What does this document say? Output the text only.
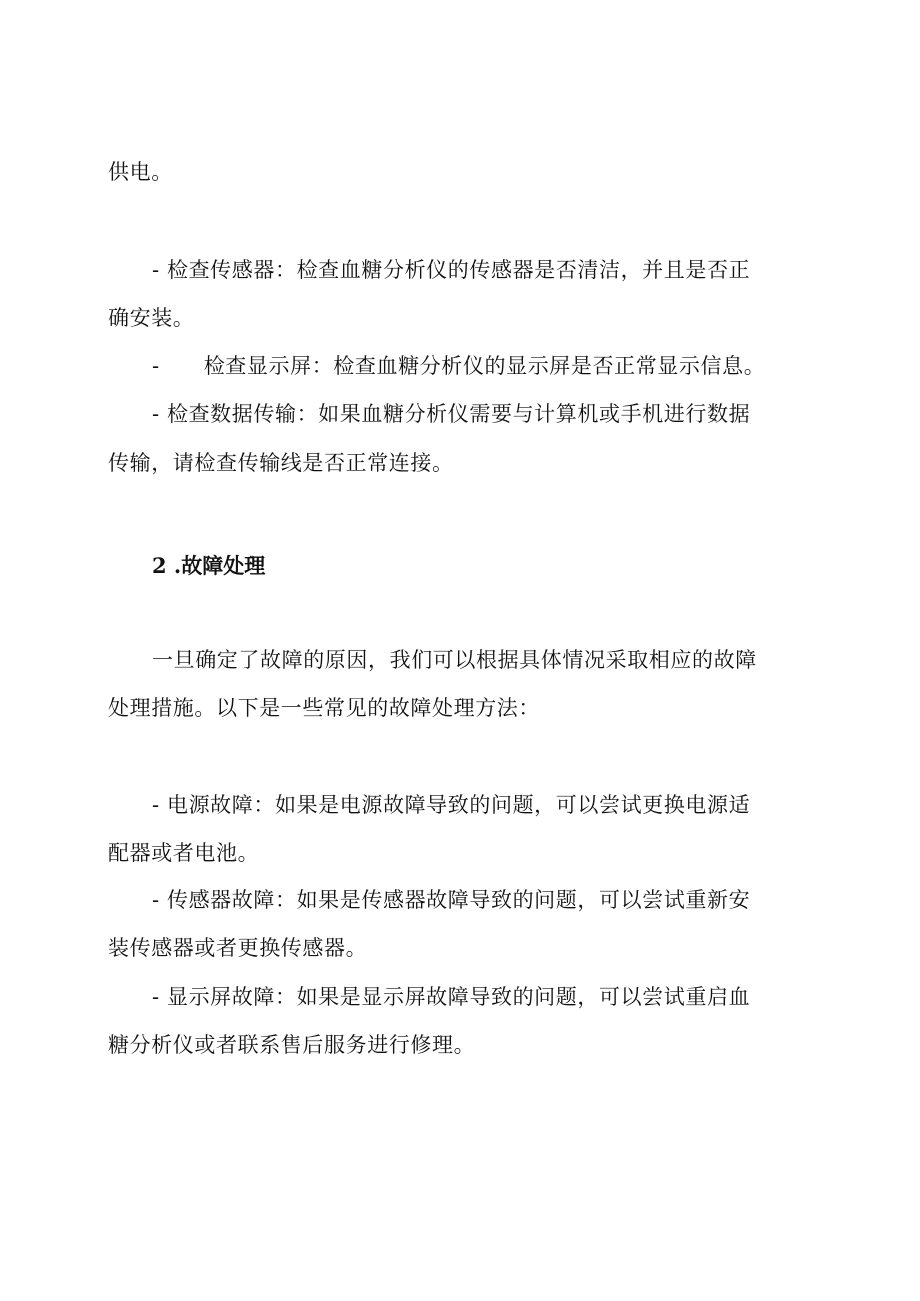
供电。
- 检查传感器：检查血糖分析仪的传感器是否清洁，并且是否正
确安装。
- 检查显示屏：检查血糖分析仪的显示屏是否正常显示信息。
- 检查数据传输：如果血糖分析仪需要与计算机或手机进行数据
传输，请检查传输线是否正常连接。
2 .故障处理
一旦确定了故障的原因，我们可以根据具体情况采取相应的故障
处理措施。以下是一些常见的故障处理方法：
- 电源故障：如果是电源故障导致的问题，可以尝试更换电源适
配器或者电池。
- 传感器故障：如果是传感器故障导致的问题，可以尝试重新安
装传感器或者更换传感器。
- 显示屏故障：如果是显示屏故障导致的问题，可以尝试重启血
糖分析仪或者联系售后服务进行修理。
